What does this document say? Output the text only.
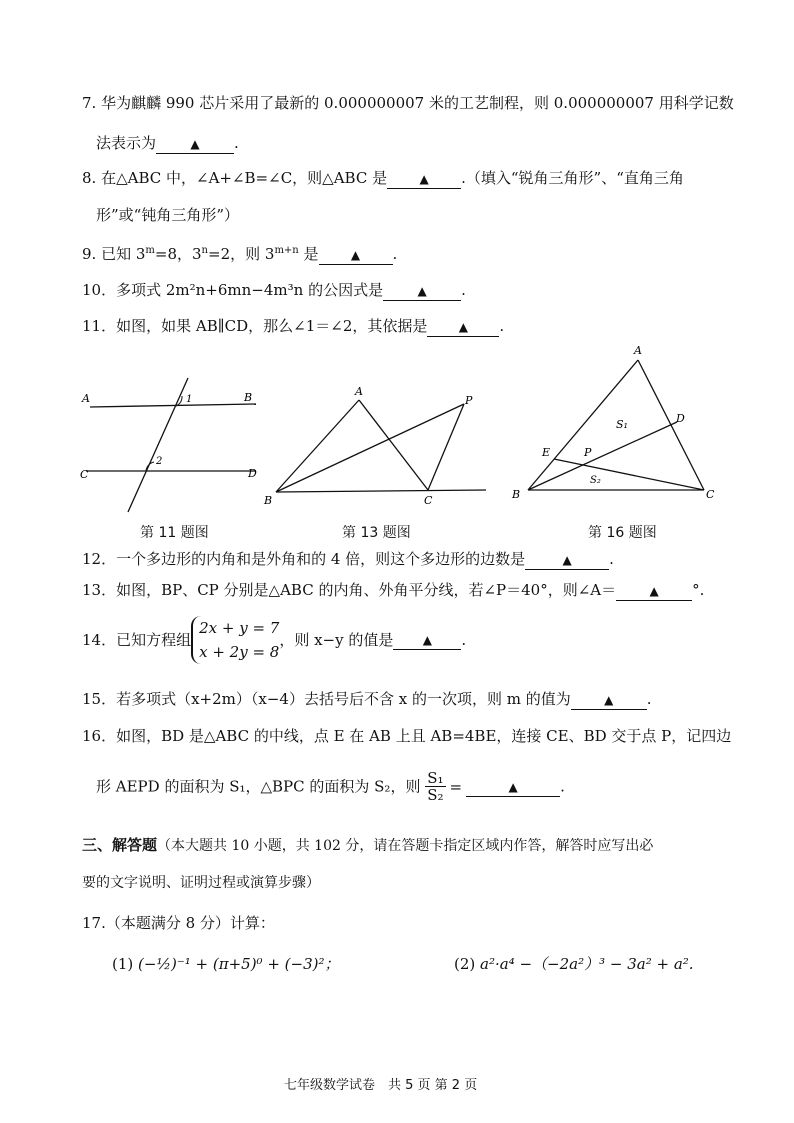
7. 华为麒麟 990 芯片采用了最新的 0.000000007 米的工艺制程，则 0.000000007 用科学记数
法表示为	▲ .
8. 在△ABC 中，∠A+∠B=∠C，则△ABC 是	▲ .（填入“锐角三角形”、“直角三角
形”或“钝角三角形”）
9. 已知 $3^m=8$，$3^n=2$，则 $3^{m+n}$ 是	▲ .
10．多项式 2m²n+6mn−4m³n 的公因式是	▲ .
11．如图，如果 AB∥CD，那么∠1＝∠2，其依据是	▲ .
A	B
C	D
1
2
第 11 题图
A
B	C
P
第 13 题图
A
B	C
D
E	P
S₁
S₂
第 16 题图
12．一个多边形的内角和是外角和的 4 倍，则这个多边形的边数是	▲ .
13．如图，BP、CP 分别是△ABC 的内角、外角平分线，若∠P＝40°，则∠A＝	▲ °.
14．已知方程组2x + y = 7
x + 2y = 8，则 x−y 的值是 ▲ .
15．若多项式（x+2m）（x−4）去括号后不含 x 的一次项，则 m 的值为	▲ .
16．如图，BD 是△ABC 的中线，点 E 在 AB 上且 AB=4BE，连接 CE、BD 交于点 P，记四边
形 AEPD 的面积为 S₁，△BPC 的面积为 S₂，则 $\frac{\text{S₁}}{\text{S₂}}$ =	▲	.
三、解答题（本大题共 10 小题，共 102 分，请在答题卡指定区域内作答，解答时应写出必
要的文字说明、证明过程或演算步骤）
17.（本题满分 8 分）计算：
(1) (−½)⁻¹ + (π+5)⁰ + (−3)²；	(2) a²·a⁴ −（−2a²）³ − 3a² + a².
七年级数学试卷　共 5 页 第 2 页
